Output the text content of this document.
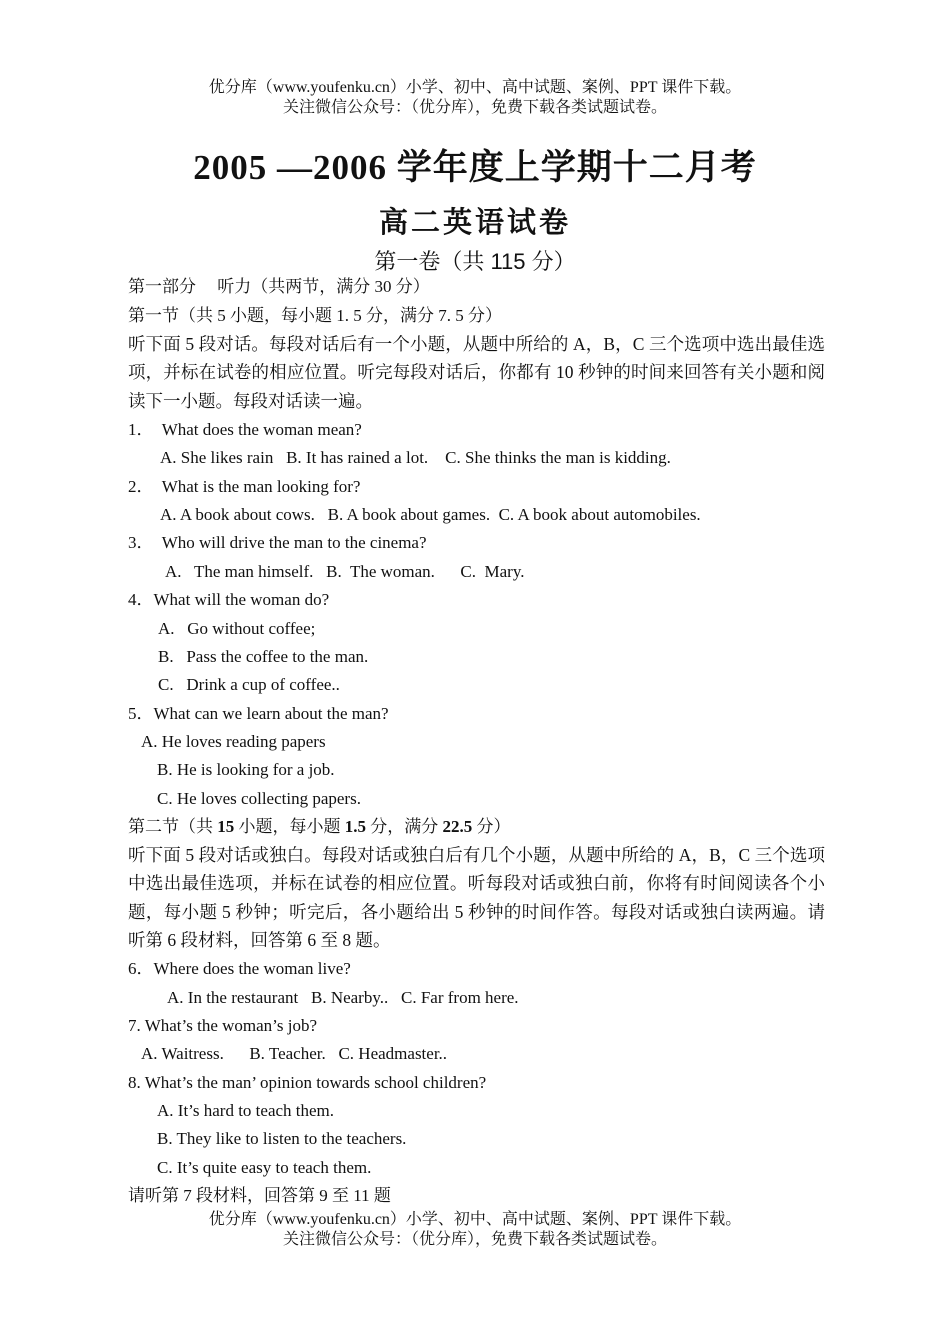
优分库（www.youfenku.cn）小学、初中、高中试题、案例、PPT 课件下载。
关注微信公众号：（优分库），免费下载各类试题试卷。
2005 —2006 学年度上学期十二月考
高二英语试卷
第一卷（共 115 分）
第一部分     听力（共两节，满分 30 分）
第一节（共 5 小题，每小题 1. 5 分，满分 7. 5 分）
听下面 5 段对话。每段对话后有一个小题，从题中所给的 A，B，C 三个选项中选出最佳选项，并标在试卷的相应位置。听完每段对话后，你都有 10 秒钟的时间来回答有关小题和阅读下一小题。每段对话读一遍。
1．  What does the woman mean?
A. She likes rain   B. It has rained a lot.    C. She thinks the man is kidding.
2．  What is the man looking for?
A. A book about cows.   B. A book about games.  C. A book about automobiles.
3．  Who will drive the man to the cinema?
A.   The man himself.   B.  The woman.      C.  Mary.
4．What will the woman do?
A.   Go without coffee;
B.   Pass the coffee to the man.
C.   Drink a cup of coffee..
5．What can we learn about the man?
A. He loves reading papers
B. He is looking for a job.
C. He loves collecting papers.
第二节（共 15 小题，每小题 1.5 分，满分 22.5 分）
听下面 5 段对话或独白。每段对话或独白后有几个小题，从题中所给的 A，B，C 三个选项中选出最佳选项，并标在试卷的相应位置。听每段对话或独白前，你将有时间阅读各个小题，每小题 5 秒钟；听完后，各小题给出 5 秒钟的时间作答。每段对话或独白读两遍。请听第 6 段材料，回答第 6 至 8 题。
6．Where does the woman live?
A. In the restaurant   B. Nearby..   C. Far from here.
7. What’s the woman’s job?
A. Waitress.      B. Teacher.   C. Headmaster..
8. What’s the man’ opinion towards school children?
A. It’s hard to teach them.
B. They like to listen to the teachers.
C. It’s quite easy to teach them.
请听第 7 段材料，回答第 9 至 11 题
优分库（www.youfenku.cn）小学、初中、高中试题、案例、PPT 课件下载。
关注微信公众号：（优分库），免费下载各类试题试卷。
